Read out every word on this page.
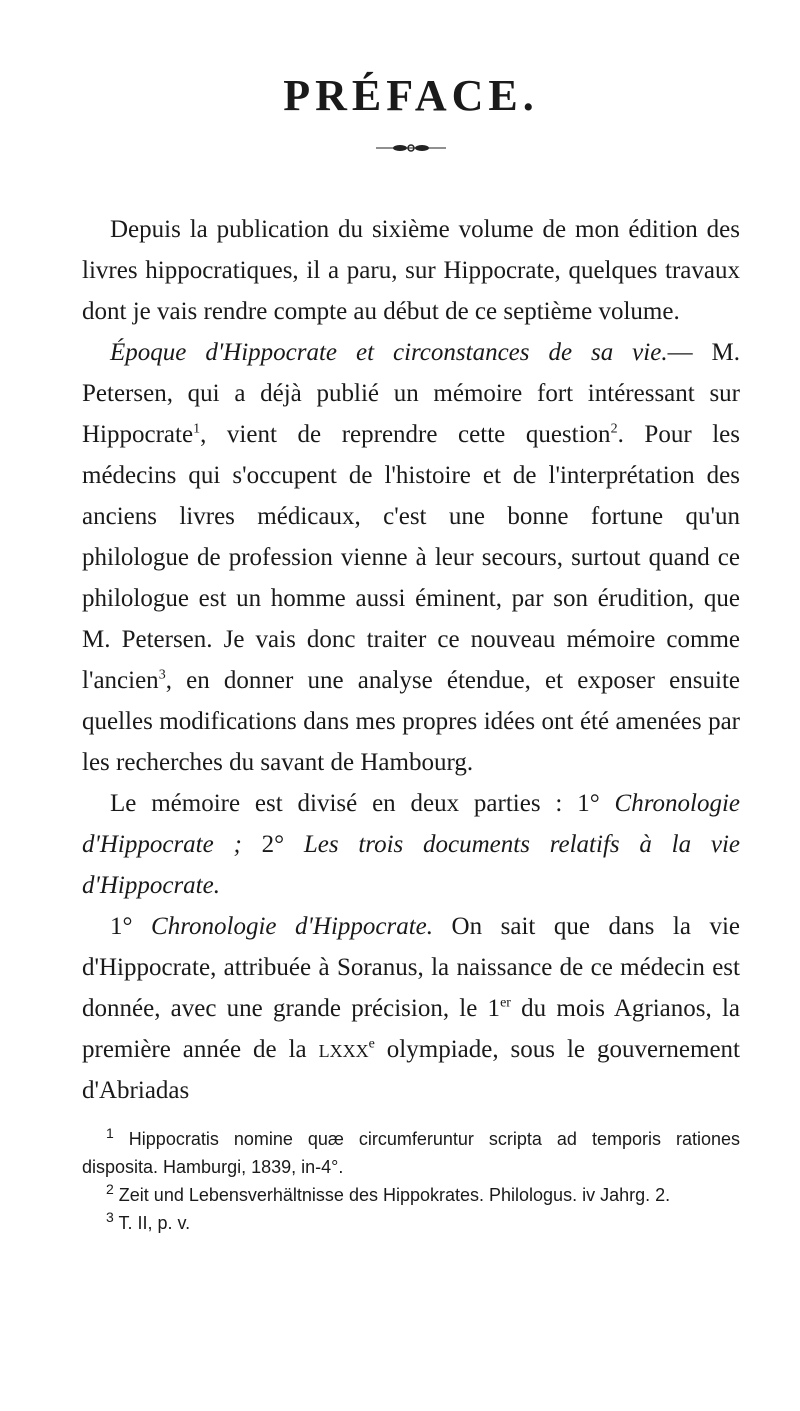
PRÉFACE.

Depuis la publication du sixième volume de mon édition des livres hippocratiques, il a paru, sur Hippocrate, quelques travaux dont je vais rendre compte au début de ce septième volume.

Époque d'Hippocrate et circonstances de sa vie.— M. Petersen, qui a déjà publié un mémoire fort intéressant sur Hippocrate$^1$, vient de reprendre cette question$^2$. Pour les médecins qui s'occupent de l'histoire et de l'interprétation des anciens livres médicaux, c'est une bonne fortune qu'un philologue de profession vienne à leur secours, surtout quand ce philologue est un homme aussi éminent, par son érudition, que M. Petersen. Je vais donc traiter ce nouveau mémoire comme l'ancien$^3$, en donner une analyse étendue, et exposer ensuite quelles modifications dans mes propres idées ont été amenées par les recherches du savant de Hambourg.

Le mémoire est divisé en deux parties : 1° Chronologie d'Hippocrate ; 2° Les trois documents relatifs à la vie d'Hippocrate.

1° Chronologie d'Hippocrate. On sait que dans la vie d'Hippocrate, attribuée à Soranus, la naissance de ce médecin est donnée, avec une grande précision, le 1er du mois Agrianos, la première année de la lxxx$^e$ olympiade, sous le gouvernement d'Abriadas

$^1$ Hippocratis nomine quæ circumferuntur scripta ad temporis rationes disposita. Hamburgi, 1839, in-4°.

$^2$ Zeit und Lebensverhältnisse des Hippokrates. Philologus. iv Jahrg. 2.

$^3$ T. II, p. v.
